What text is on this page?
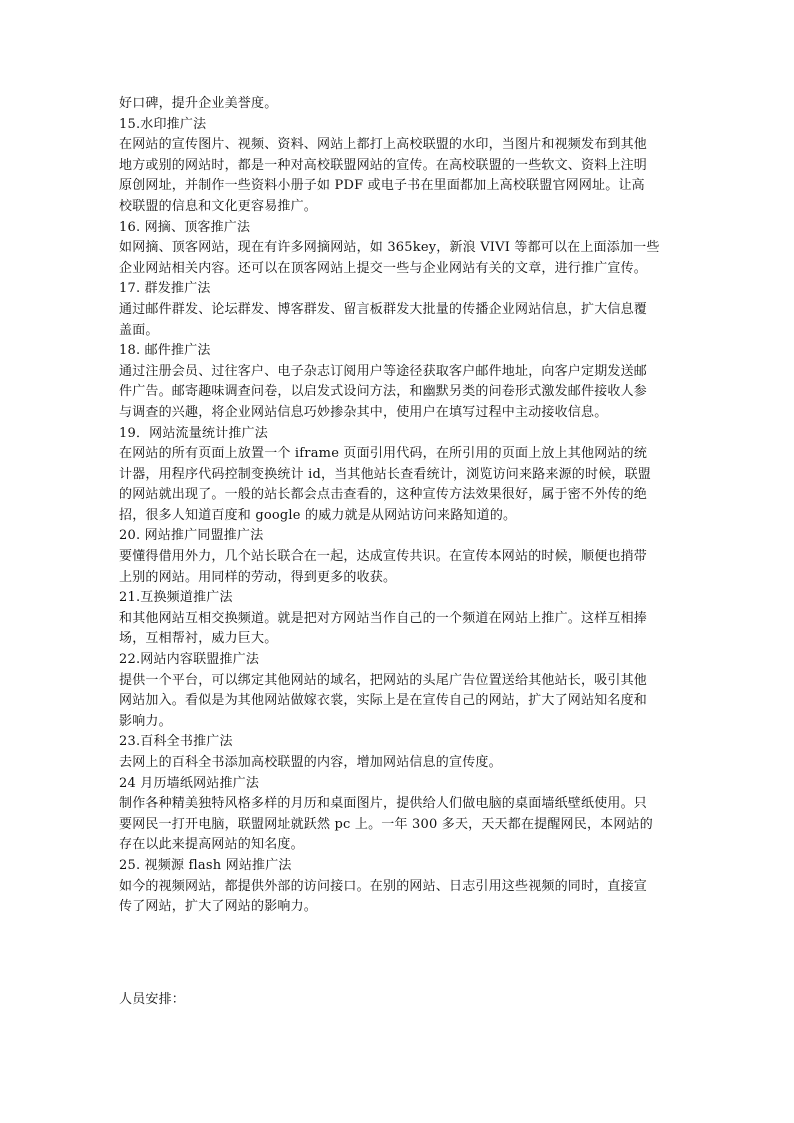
好口碑，提升企业美誉度。
15.水印推广法
在网站的宣传图片、视频、资料、网站上都打上高校联盟的水印，当图片和视频发布到其他
地方或别的网站时，都是一种对高校联盟网站的宣传。在高校联盟的一些软文、资料上注明
原创网址，并制作一些资料小册子如 PDF 或电子书在里面都加上高校联盟官网网址。让高
校联盟的信息和文化更容易推广。
16. 网摘、顶客推广法
如网摘、顶客网站，现在有许多网摘网站，如 365key，新浪 VIVI 等都可以在上面添加一些
企业网站相关内容。还可以在顶客网站上提交一些与企业网站有关的文章，进行推广宣传。
17. 群发推广法
通过邮件群发、论坛群发、博客群发、留言板群发大批量的传播企业网站信息，扩大信息覆
盖面。
18. 邮件推广法
通过注册会员、过往客户、电子杂志订阅用户等途径获取客户邮件地址，向客户定期发送邮
件广告。邮寄趣味调查问卷，以启发式设问方法，和幽默另类的问卷形式激发邮件接收人参
与调查的兴趣，将企业网站信息巧妙掺杂其中，使用户在填写过程中主动接收信息。
19．网站流量统计推广法
在网站的所有页面上放置一个 iframe 页面引用代码，在所引用的页面上放上其他网站的统
计器，用程序代码控制变换统计 id，当其他站长查看统计，浏览访问来路来源的时候，联盟
的网站就出现了。一般的站长都会点击查看的，这种宣传方法效果很好，属于密不外传的绝
招，很多人知道百度和 google 的威力就是从网站访问来路知道的。
20. 网站推广同盟推广法
要懂得借用外力，几个站长联合在一起，达成宣传共识。在宣传本网站的时候，顺便也捎带
上别的网站。用同样的劳动，得到更多的收获。
21.互换频道推广法
和其他网站互相交换频道。就是把对方网站当作自己的一个频道在网站上推广。这样互相捧
场，互相帮衬，威力巨大。
22.网站内容联盟推广法
提供一个平台，可以绑定其他网站的域名，把网站的头尾广告位置送给其他站长，吸引其他
网站加入。看似是为其他网站做嫁衣裳，实际上是在宣传自己的网站，扩大了网站知名度和
影响力。
23.百科全书推广法
去网上的百科全书添加高校联盟的内容，增加网站信息的宣传度。
24 月历墙纸网站推广法
制作各种精美独特风格多样的月历和桌面图片，提供给人们做电脑的桌面墙纸壁纸使用。只
要网民一打开电脑，联盟网址就跃然 pc 上。一年 300 多天，天天都在提醒网民，本网站的
存在以此来提高网站的知名度。
25. 视频源 flash 网站推广法
如今的视频网站，都提供外部的访问接口。在别的网站、日志引用这些视频的同时，直接宣
传了网站，扩大了网站的影响力。
人员安排：
